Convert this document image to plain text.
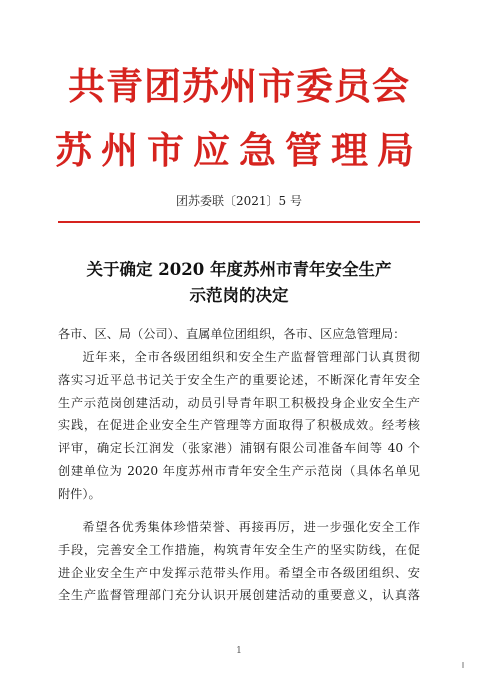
共青团苏州市委员会
苏州市应急管理局
团苏委联〔2021〕5 号
关于确定 2020 年度苏州市青年安全生产
示范岗的决定
各市、区、局（公司）、直属单位团组织，各市、区应急管理局：
近年来，全市各级团组织和安全生产监督管理部门认真贯彻
落实习近平总书记关于安全生产的重要论述，不断深化青年安全
生产示范岗创建活动，动员引导青年职工积极投身企业安全生产
实践，在促进企业安全生产管理等方面取得了积极成效。经考核
评审，确定长江润发（张家港）浦钢有限公司准备车间等 40 个
创建单位为 2020 年度苏州市青年安全生产示范岗（具体名单见
附件）。
希望各优秀集体珍惜荣誉、再接再厉，进一步强化安全工作
手段，完善安全工作措施，构筑青年安全生产的坚实防线，在促
进企业安全生产中发挥示范带头作用。希望全市各级团组织、安
全生产监督管理部门充分认识开展创建活动的重要意义，认真落
1
